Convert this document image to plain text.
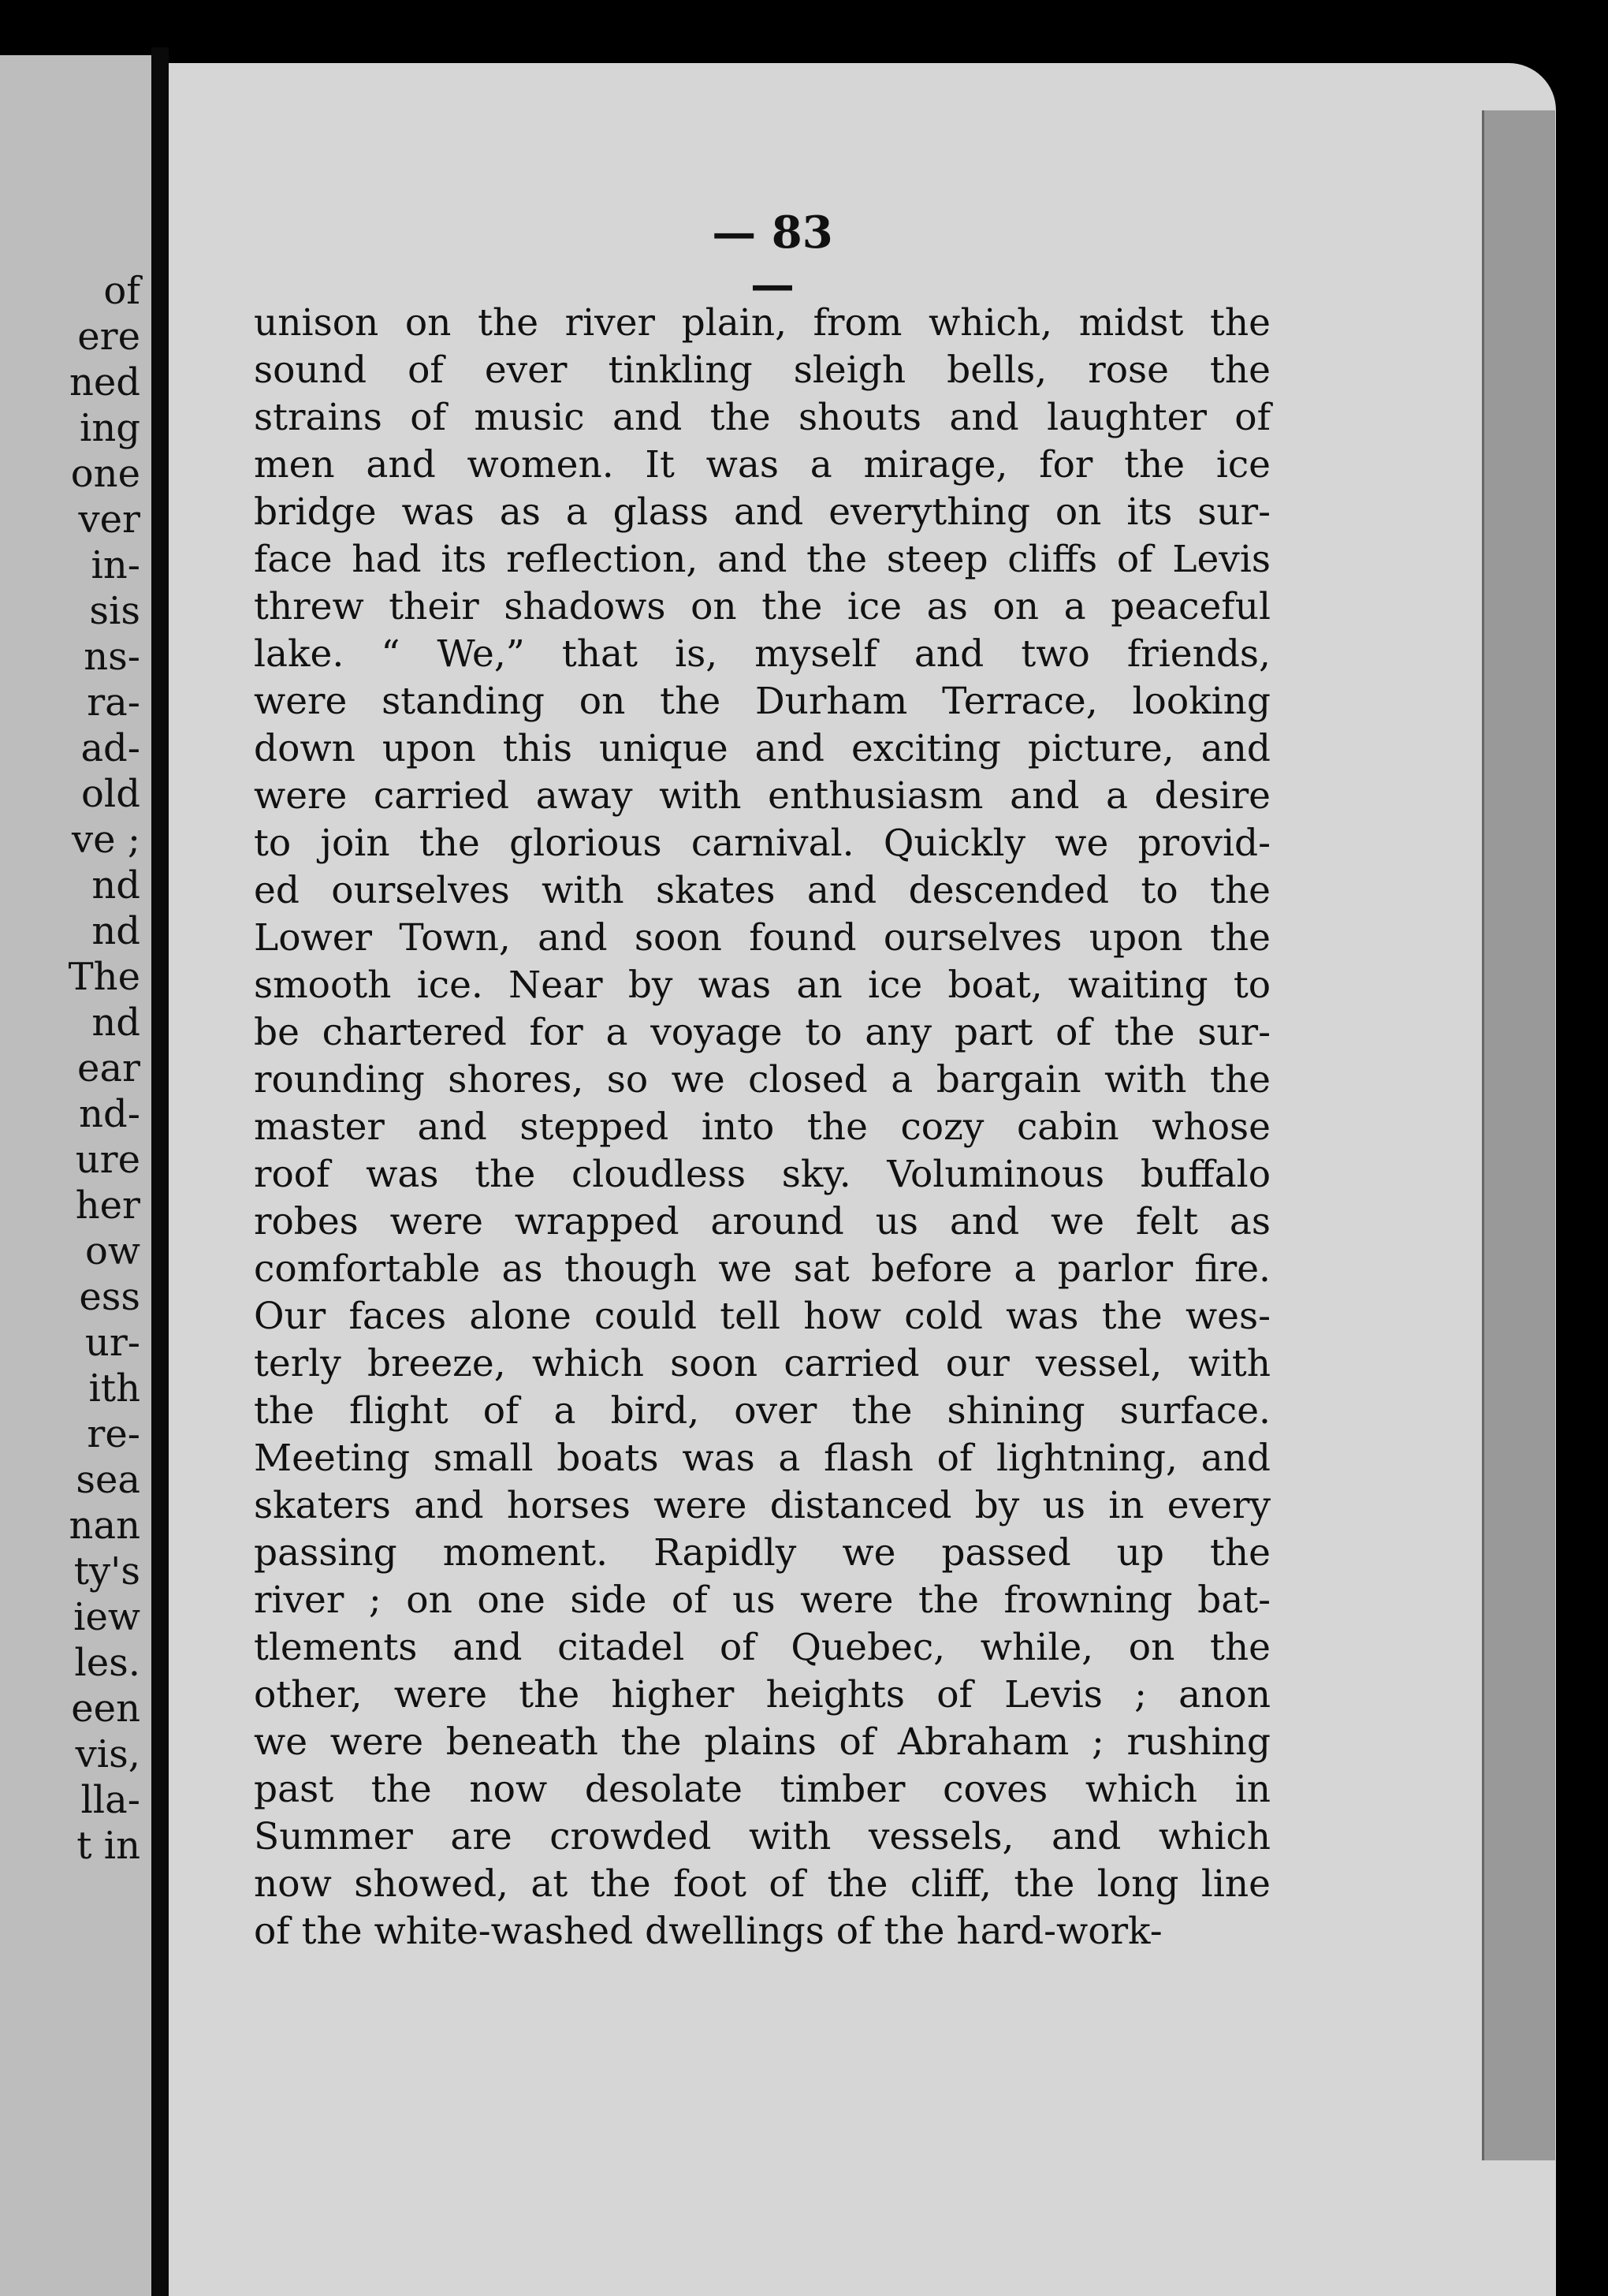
of
ere
ned
ing
one
ver
in-
sis
ns-
ra-
ad-
old
ve ;
nd
nd
The
nd
ear
nd-
ure
her
ow
ess
ur-
ith
re-
sea
nan
ty's
iew
les.
een
vis,
lla-
t in
— 83 —
unison on the river plain, from which, midst the
sound of ever tinkling sleigh bells, rose the
strains of music and the shouts and laughter of
men and women. It was a mirage, for the ice
bridge was as a glass and everything on its sur-
face had its reflection, and the steep cliffs of Levis
threw their shadows on the ice as on a peaceful
lake. “ We,” that is, myself and two friends,
were standing on the Durham Terrace, looking
down upon this unique and exciting picture, and
were carried away with enthusiasm and a desire
to join the glorious carnival. Quickly we provid-
ed ourselves with skates and descended to the
Lower Town, and soon found ourselves upon the
smooth ice. Near by was an ice boat, waiting to
be chartered for a voyage to any part of the sur-
rounding shores, so we closed a bargain with the
master and stepped into the cozy cabin whose
roof was the cloudless sky. Voluminous buffalo
robes were wrapped around us and we felt as
comfortable as though we sat before a parlor fire.
Our faces alone could tell how cold was the wes-
terly breeze, which soon carried our vessel, with
the flight of a bird, over the shining surface.
Meeting small boats was a flash of lightning, and
skaters and horses were distanced by us in every
passing moment. Rapidly we passed up the
river ; on one side of us were the frowning bat-
tlements and citadel of Quebec, while, on the
other, were the higher heights of Levis ; anon
we were beneath the plains of Abraham ; rushing
past the now desolate timber coves which in
Summer are crowded with vessels, and which
now showed, at the foot of the cliff, the long line
of the white-washed dwellings of the hard-work-
